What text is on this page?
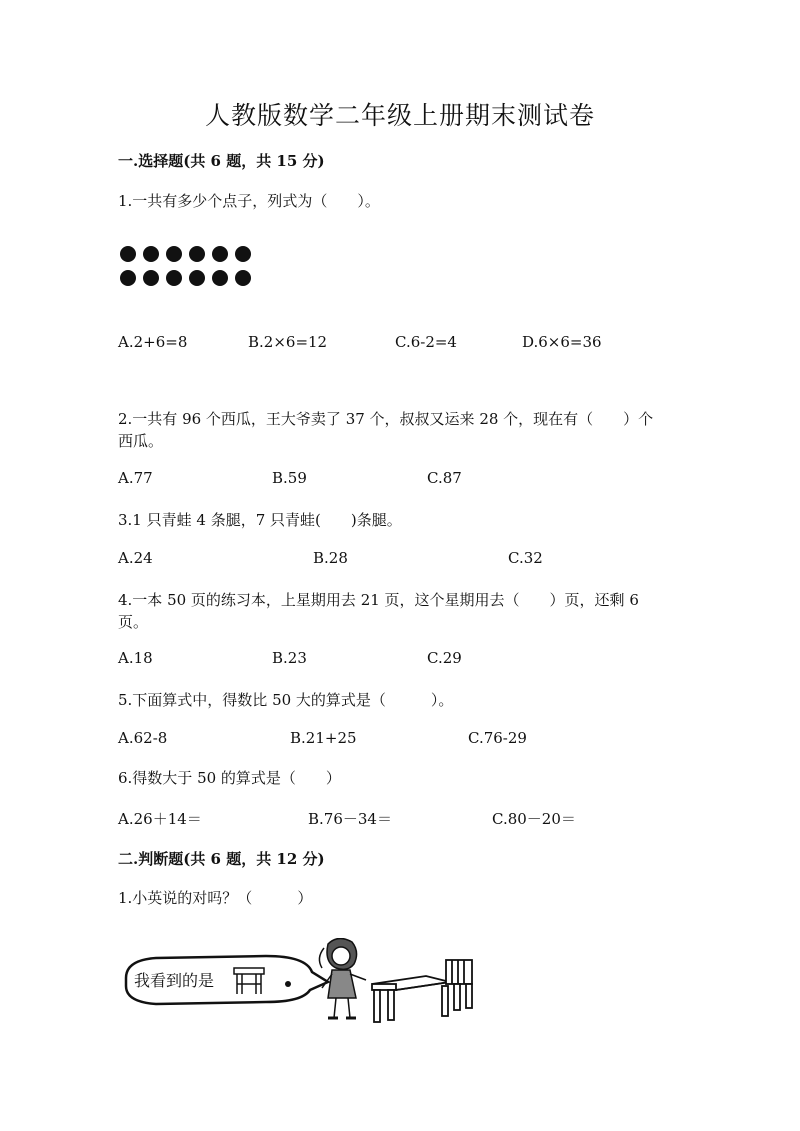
人教版数学二年级上册期末测试卷
一.选择题(共 6 题，共 15 分)
1.一共有多少个点子，列式为（　　）。
A.2+6=8	B.2×6=12	C.6-2=4	D.6×6=36
2.一共有 96 个西瓜，王大爷卖了 37 个，叔叔又运来 28 个，现在有（　　）个
西瓜。
A.77	B.59	C.87
3.1 只青蛙 4 条腿，7 只青蛙(　　)条腿。
A.24	B.28	C.32
4.一本 50 页的练习本，上星期用去 21 页，这个星期用去（　　）页，还剩 6
页。
A.18	B.23	C.29
5.下面算式中，得数比 50 大的算式是（　　　）。
A.62-8	B.21+25	C.76-29
6.得数大于 50 的算式是（　　）
A.26＋14＝	B.76－34＝	C.80－20＝
二.判断题(共 6 题，共 12 分)
1.小英说的对吗？（　　　）
我看到的是
